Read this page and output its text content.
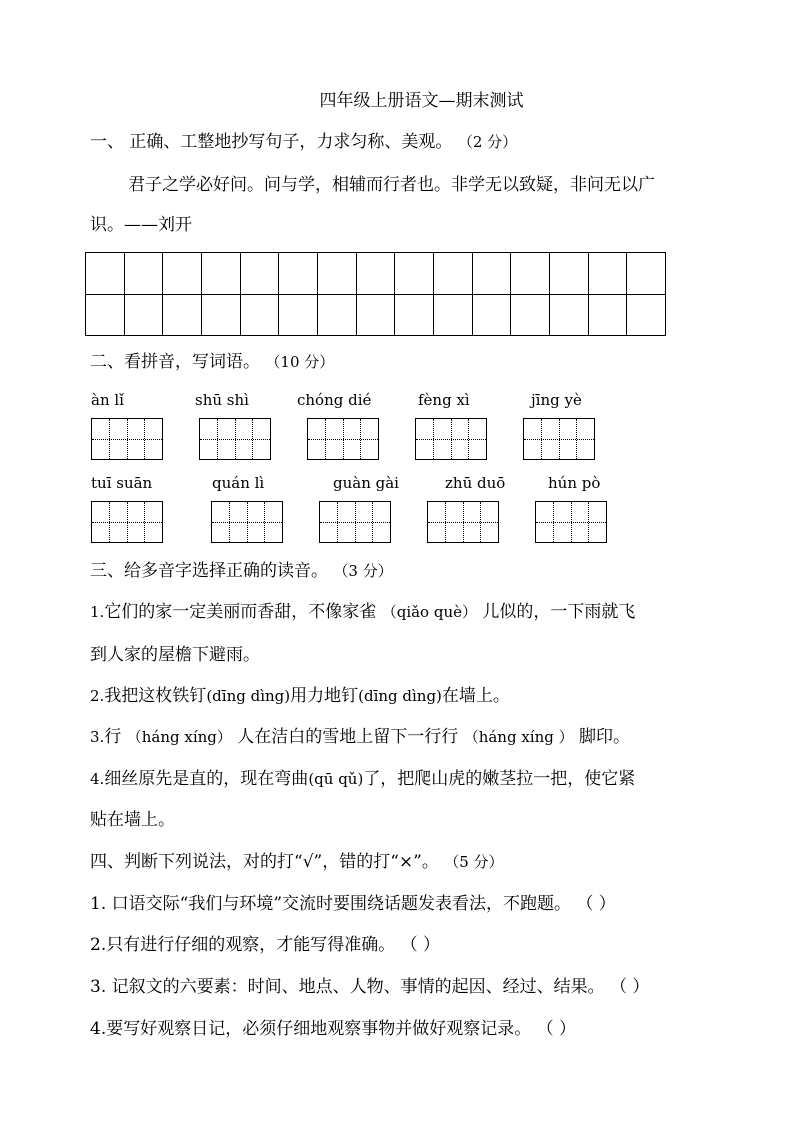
四年级上册语文—期末测试
一、 正确、工整地抄写句子，力求匀称、美观。 （2 分）
君子之学必好问。问与学，相辅而行者也。非学无以致疑，非问无以广
识。——刘开
二、看拼音，写词语。 （10 分）
àn lǐ	shū shì	chóng dié	fèng xì	jīng yè
tuī suān	quán lì	guàn gài	zhū duō	hún pò
三、给多音字选择正确的读音。 （3 分）
1.它们的家一定美丽而香甜，不像家雀 （qiǎo què） 儿似的，一下雨就飞
到人家的屋檐下避雨。
2.我把这枚铁钉(dīng dìng)用力地钉(dīng dìng)在墙上。
3.行 （háng xíng） 人在洁白的雪地上留下一行行 （háng xíng ） 脚印。
4.细丝原先是直的，现在弯曲(qū qǔ)了，把爬山虎的嫩茎拉一把，使它紧
贴在墙上。
四、判断下列说法，对的打“√”，错的打“×”。 （5 分）
1. 口语交际“我们与环境”交流时要围绕话题发表看法，不跑题。 （ ）
2.只有进行仔细的观察，才能写得准确。 （ ）
3. 记叙文的六要素：时间、地点、人物、事情的起因、经过、结果。 （ ）
4.要写好观察日记，必须仔细地观察事物并做好观察记录。 （ ）
